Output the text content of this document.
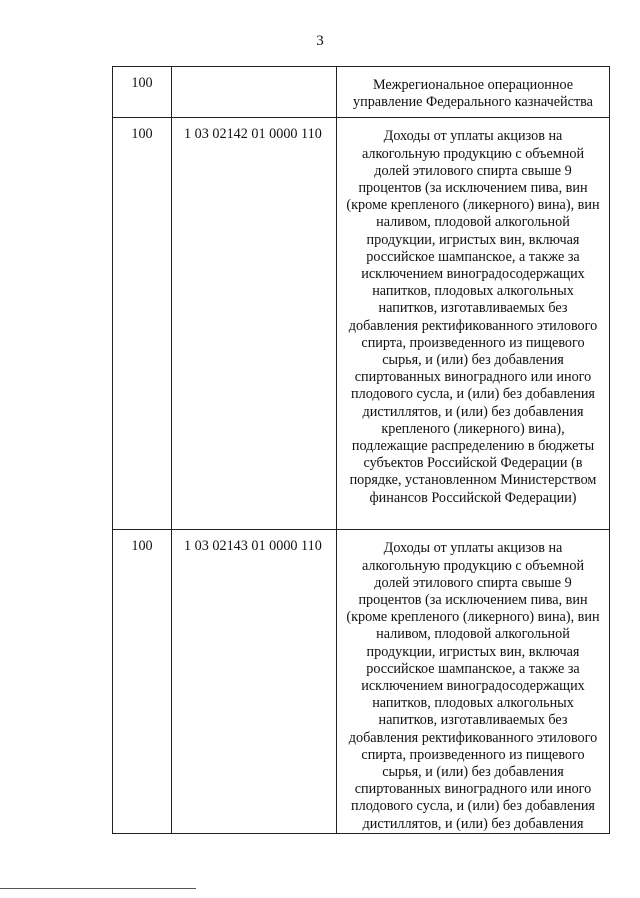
3
100		Межрегиональное операционное управление Федерального казначейства
100	1 03 02142 01 0000 110	Доходы от уплаты акцизов на алкогольную продукцию с объемной долей этилового спирта свыше 9 процентов (за исключением пива, вин (кроме крепленого (ликерного) вина), вин наливом, плодовой алкогольной продукции, игристых вин, включая российское шампанское, а также за исключением виноградосодержащих напитков, плодовых алкогольных напитков, изготавливаемых без добавления ректификованного этилового спирта, произведенного из пищевого сырья, и (или) без добавления спиртованных виноградного или иного плодового сусла, и (или) без добавления дистиллятов, и (или) без добавления крепленого (ликерного) вина), подлежащие распределению в бюджеты субъектов Российской Федерации (в порядке, установленном Министерством финансов Российской Федерации)
100	1 03 02143 01 0000 110	Доходы от уплаты акцизов на алкогольную продукцию с объемной долей этилового спирта свыше 9 процентов (за исключением пива, вин (кроме крепленого (ликерного) вина), вин наливом, плодовой алкогольной продукции, игристых вин, включая российское шампанское, а также за исключением виноградосодержащих напитков, плодовых алкогольных напитков, изготавливаемых без добавления ректификованного этилового спирта, произведенного из пищевого сырья, и (или) без добавления спиртованных виноградного или иного плодового сусла, и (или) без добавления дистиллятов, и (или) без добавления
